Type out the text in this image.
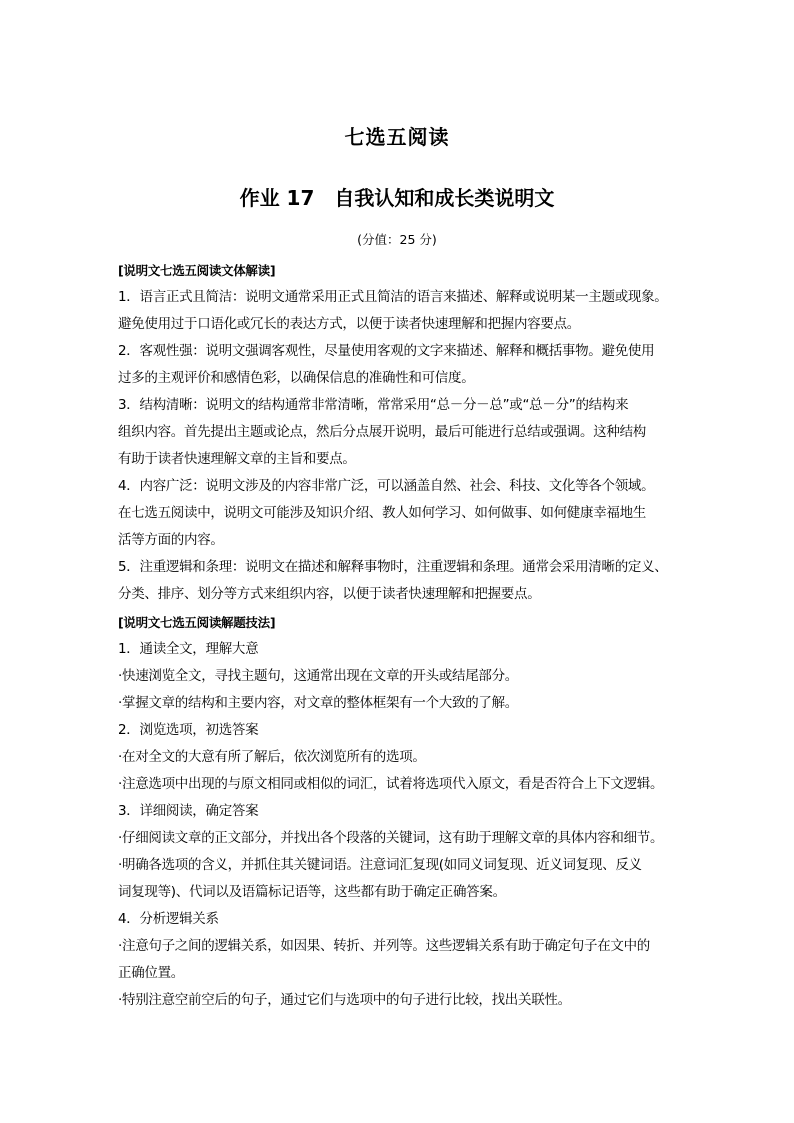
七选五阅读
作业 17　自我认知和成长类说明文
(分值：25 分)
[说明文七选五阅读文体解读]
1．语言正式且简洁：说明文通常采用正式且简洁的语言来描述、解释或说明某一主题或现象。
避免使用过于口语化或冗长的表达方式，以便于读者快速理解和把握内容要点。
2．客观性强：说明文强调客观性，尽量使用客观的文字来描述、解释和概括事物。避免使用
过多的主观评价和感情色彩，以确保信息的准确性和可信度。
3．结构清晰：说明文的结构通常非常清晰，常常采用“总－分－总”或“总－分”的结构来
组织内容。首先提出主题或论点，然后分点展开说明，最后可能进行总结或强调。这种结构
有助于读者快速理解文章的主旨和要点。
4．内容广泛：说明文涉及的内容非常广泛，可以涵盖自然、社会、科技、文化等各个领域。
在七选五阅读中，说明文可能涉及知识介绍、教人如何学习、如何做事、如何健康幸福地生
活等方面的内容。
5．注重逻辑和条理：说明文在描述和解释事物时，注重逻辑和条理。通常会采用清晰的定义、
分类、排序、划分等方式来组织内容，以便于读者快速理解和把握要点。
[说明文七选五阅读解题技法]
1．通读全文，理解大意
·快速浏览全文，寻找主题句，这通常出现在文章的开头或结尾部分。
·掌握文章的结构和主要内容，对文章的整体框架有一个大致的了解。
2．浏览选项，初选答案
·在对全文的大意有所了解后，依次浏览所有的选项。
·注意选项中出现的与原文相同或相似的词汇，试着将选项代入原文，看是否符合上下文逻辑。
3．详细阅读，确定答案
·仔细阅读文章的正文部分，并找出各个段落的关键词，这有助于理解文章的具体内容和细节。
·明确各选项的含义，并抓住其关键词语。注意词汇复现(如同义词复现、近义词复现、反义
词复现等)、代词以及语篇标记语等，这些都有助于确定正确答案。
4．分析逻辑关系
·注意句子之间的逻辑关系，如因果、转折、并列等。这些逻辑关系有助于确定句子在文中的
正确位置。
·特别注意空前空后的句子，通过它们与选项中的句子进行比较，找出关联性。
